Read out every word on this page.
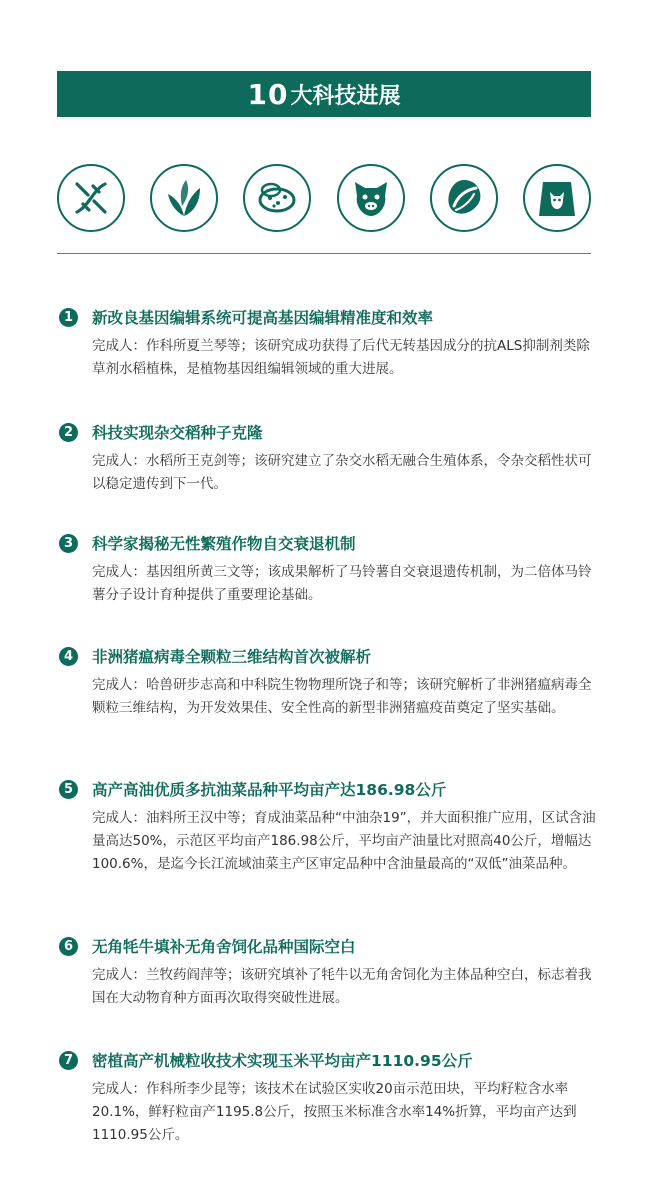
10 大科技进展
1	新改良基因编辑系统可提高基因编辑精准度和效率
完成人：作科所夏兰琴等；该研究成功获得了后代无转基因成分的抗ALS抑制剂类除草剂水稻植株，是植物基因组编辑领域的重大进展。
2	科技实现杂交稻种子克隆
完成人：水稻所王克剑等；该研究建立了杂交水稻无融合生殖体系，令杂交稻性状可以稳定遗传到下一代。
3	科学家揭秘无性繁殖作物自交衰退机制
完成人：基因组所黄三文等；该成果解析了马铃薯自交衰退遗传机制，为二倍体马铃薯分子设计育种提供了重要理论基础。
4	非洲猪瘟病毒全颗粒三维结构首次被解析
完成人：哈兽研步志高和中科院生物物理所饶子和等；该研究解析了非洲猪瘟病毒全颗粒三维结构，为开发效果佳、安全性高的新型非洲猪瘟疫苗奠定了坚实基础。
5	高产高油优质多抗油菜品种平均亩产达186.98公斤
完成人：油料所王汉中等；育成油菜品种“中油杂19”，并大面积推广应用，区试含油量高达50%，示范区平均亩产186.98公斤，平均亩产油量比对照高40公斤，增幅达100.6%，是迄今长江流域油菜主产区审定品种中含油量最高的“双低”油菜品种。
6	无角牦牛填补无角舍饲化品种国际空白
完成人：兰牧药阎萍等；该研究填补了牦牛以无角舍饲化为主体品种空白，标志着我国在大动物育种方面再次取得突破性进展。
7	密植高产机械粒收技术实现玉米平均亩产1110.95公斤
完成人：作科所李少昆等；该技术在试验区实收20亩示范田块，平均籽粒含水率20.1%，鲜籽粒亩产1195.8公斤，按照玉米标准含水率14%折算，平均亩产达到1110.95公斤。
